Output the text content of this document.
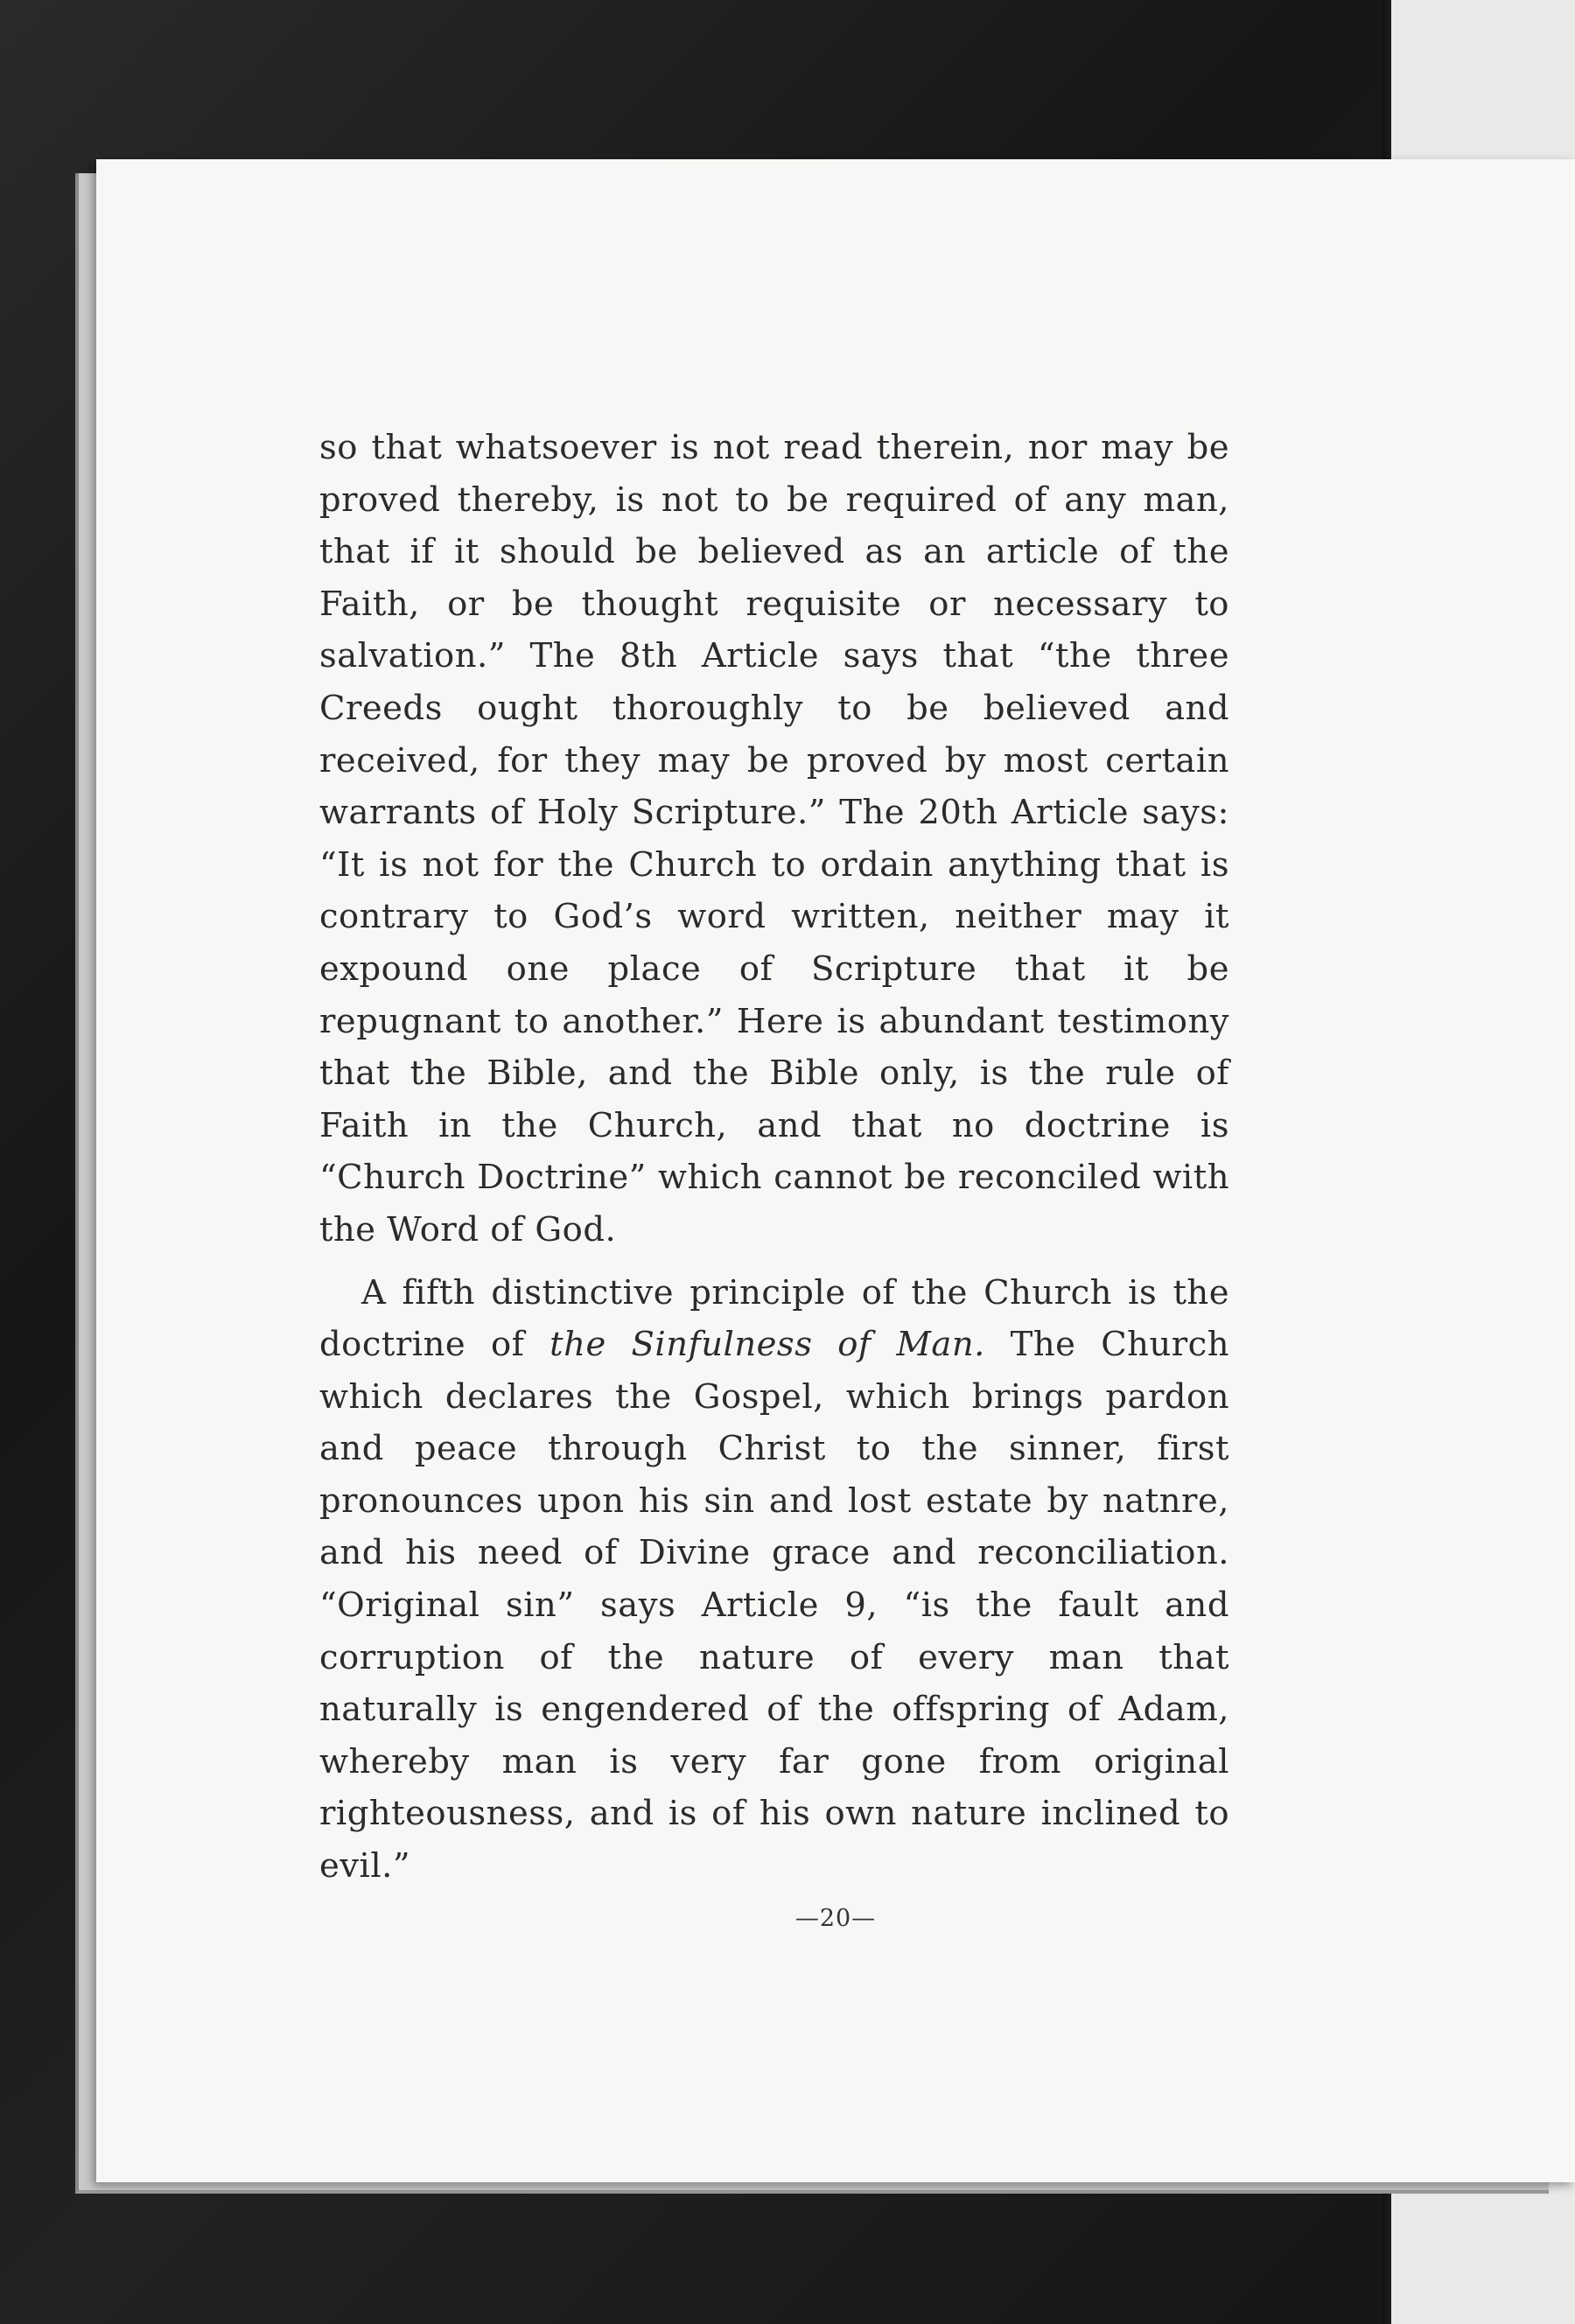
so that whatsoever is not read therein, nor may be proved thereby, is not to be required of any man, that if it should be believed as an article of the Faith, or be thought requisite or necessary to salvation.” The 8th Article says that “the three Creeds ought thoroughly to be believed and received, for they may be proved by most certain warrants of Holy Scripture.” The 20th Article says: “It is not for the Church to ordain anything that is contrary to God’s word written, neither may it expound one place of Scripture that it be repugnant to another.” Here is abundant testimony that the Bible, and the Bible only, is the rule of Faith in the Church, and that no doctrine is “Church Doctrine” which cannot be reconciled with the Word of God.

A fifth distinctive principle of the Church is the doctrine of the Sinfulness of Man. The Church which declares the Gospel, which brings pardon and peace through Christ to the sinner, first pronounces upon his sin and lost estate by natnre, and his need of Divine grace and reconciliation. “Original sin” says Article 9, “is the fault and corruption of the nature of every man that naturally is engendered of the offspring of Adam, whereby man is very far gone from original righteousness, and is of his own nature inclined to evil.”

—20—
